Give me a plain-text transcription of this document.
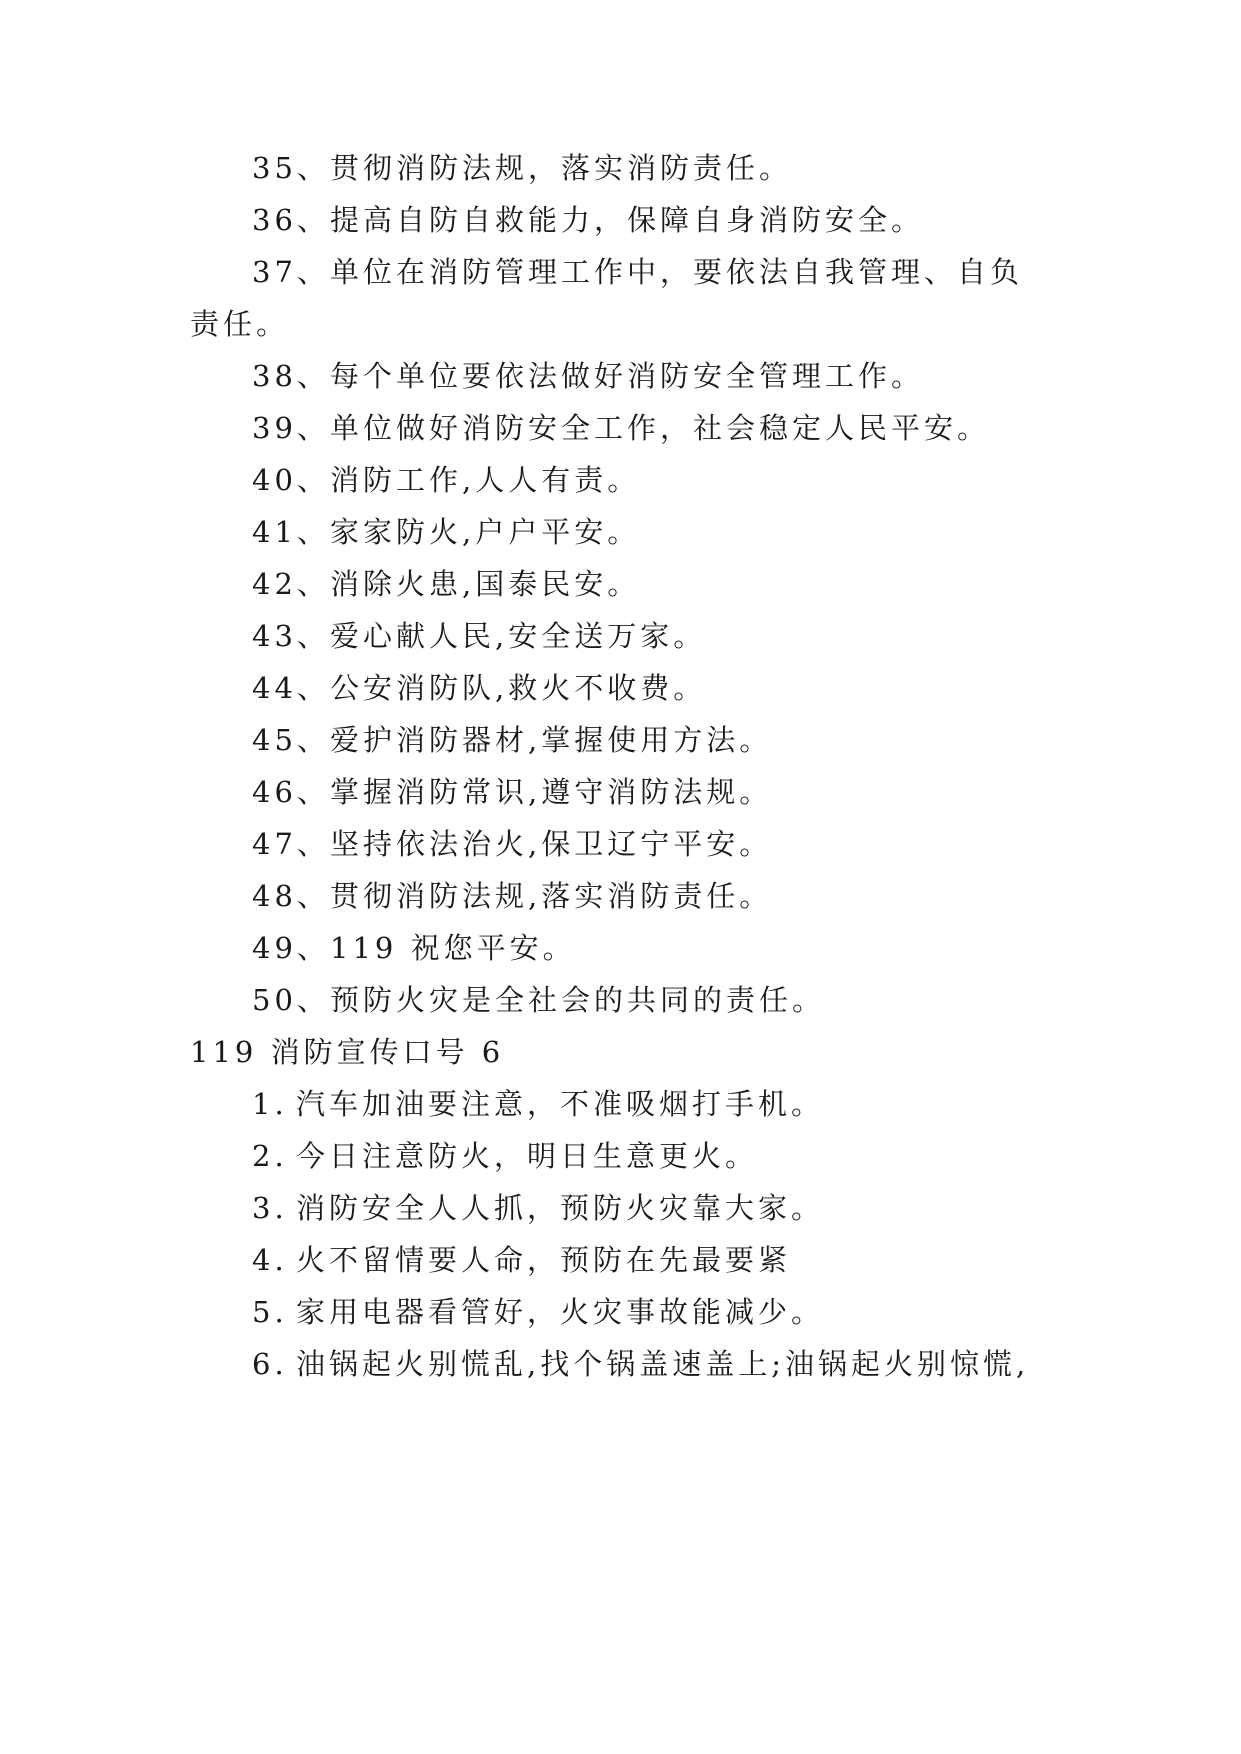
35、贯彻消防法规，落实消防责任。
36、提高自防自救能力，保障自身消防安全。
37、单位在消防管理工作中，要依法自我管理、自负
责任。
38、每个单位要依法做好消防安全管理工作。
39、单位做好消防安全工作，社会稳定人民平安。
40、消防工作,人人有责。
41、家家防火,户户平安。
42、消除火患,国泰民安。
43、爱心献人民,安全送万家。
44、公安消防队,救火不收费。
45、爱护消防器材,掌握使用方法。
46、掌握消防常识,遵守消防法规。
47、坚持依法治火,保卫辽宁平安。
48、贯彻消防法规,落实消防责任。
49、119 祝您平安。
50、预防火灾是全社会的共同的责任。
119 消防宣传口号 6
1. 汽车加油要注意，不准吸烟打手机。
2. 今日注意防火，明日生意更火。
3. 消防安全人人抓，预防火灾靠大家。
4. 火不留情要人命，预防在先最要紧
5. 家用电器看管好，火灾事故能减少。
6. 油锅起火别慌乱,找个锅盖速盖上;油锅起火别惊慌,
